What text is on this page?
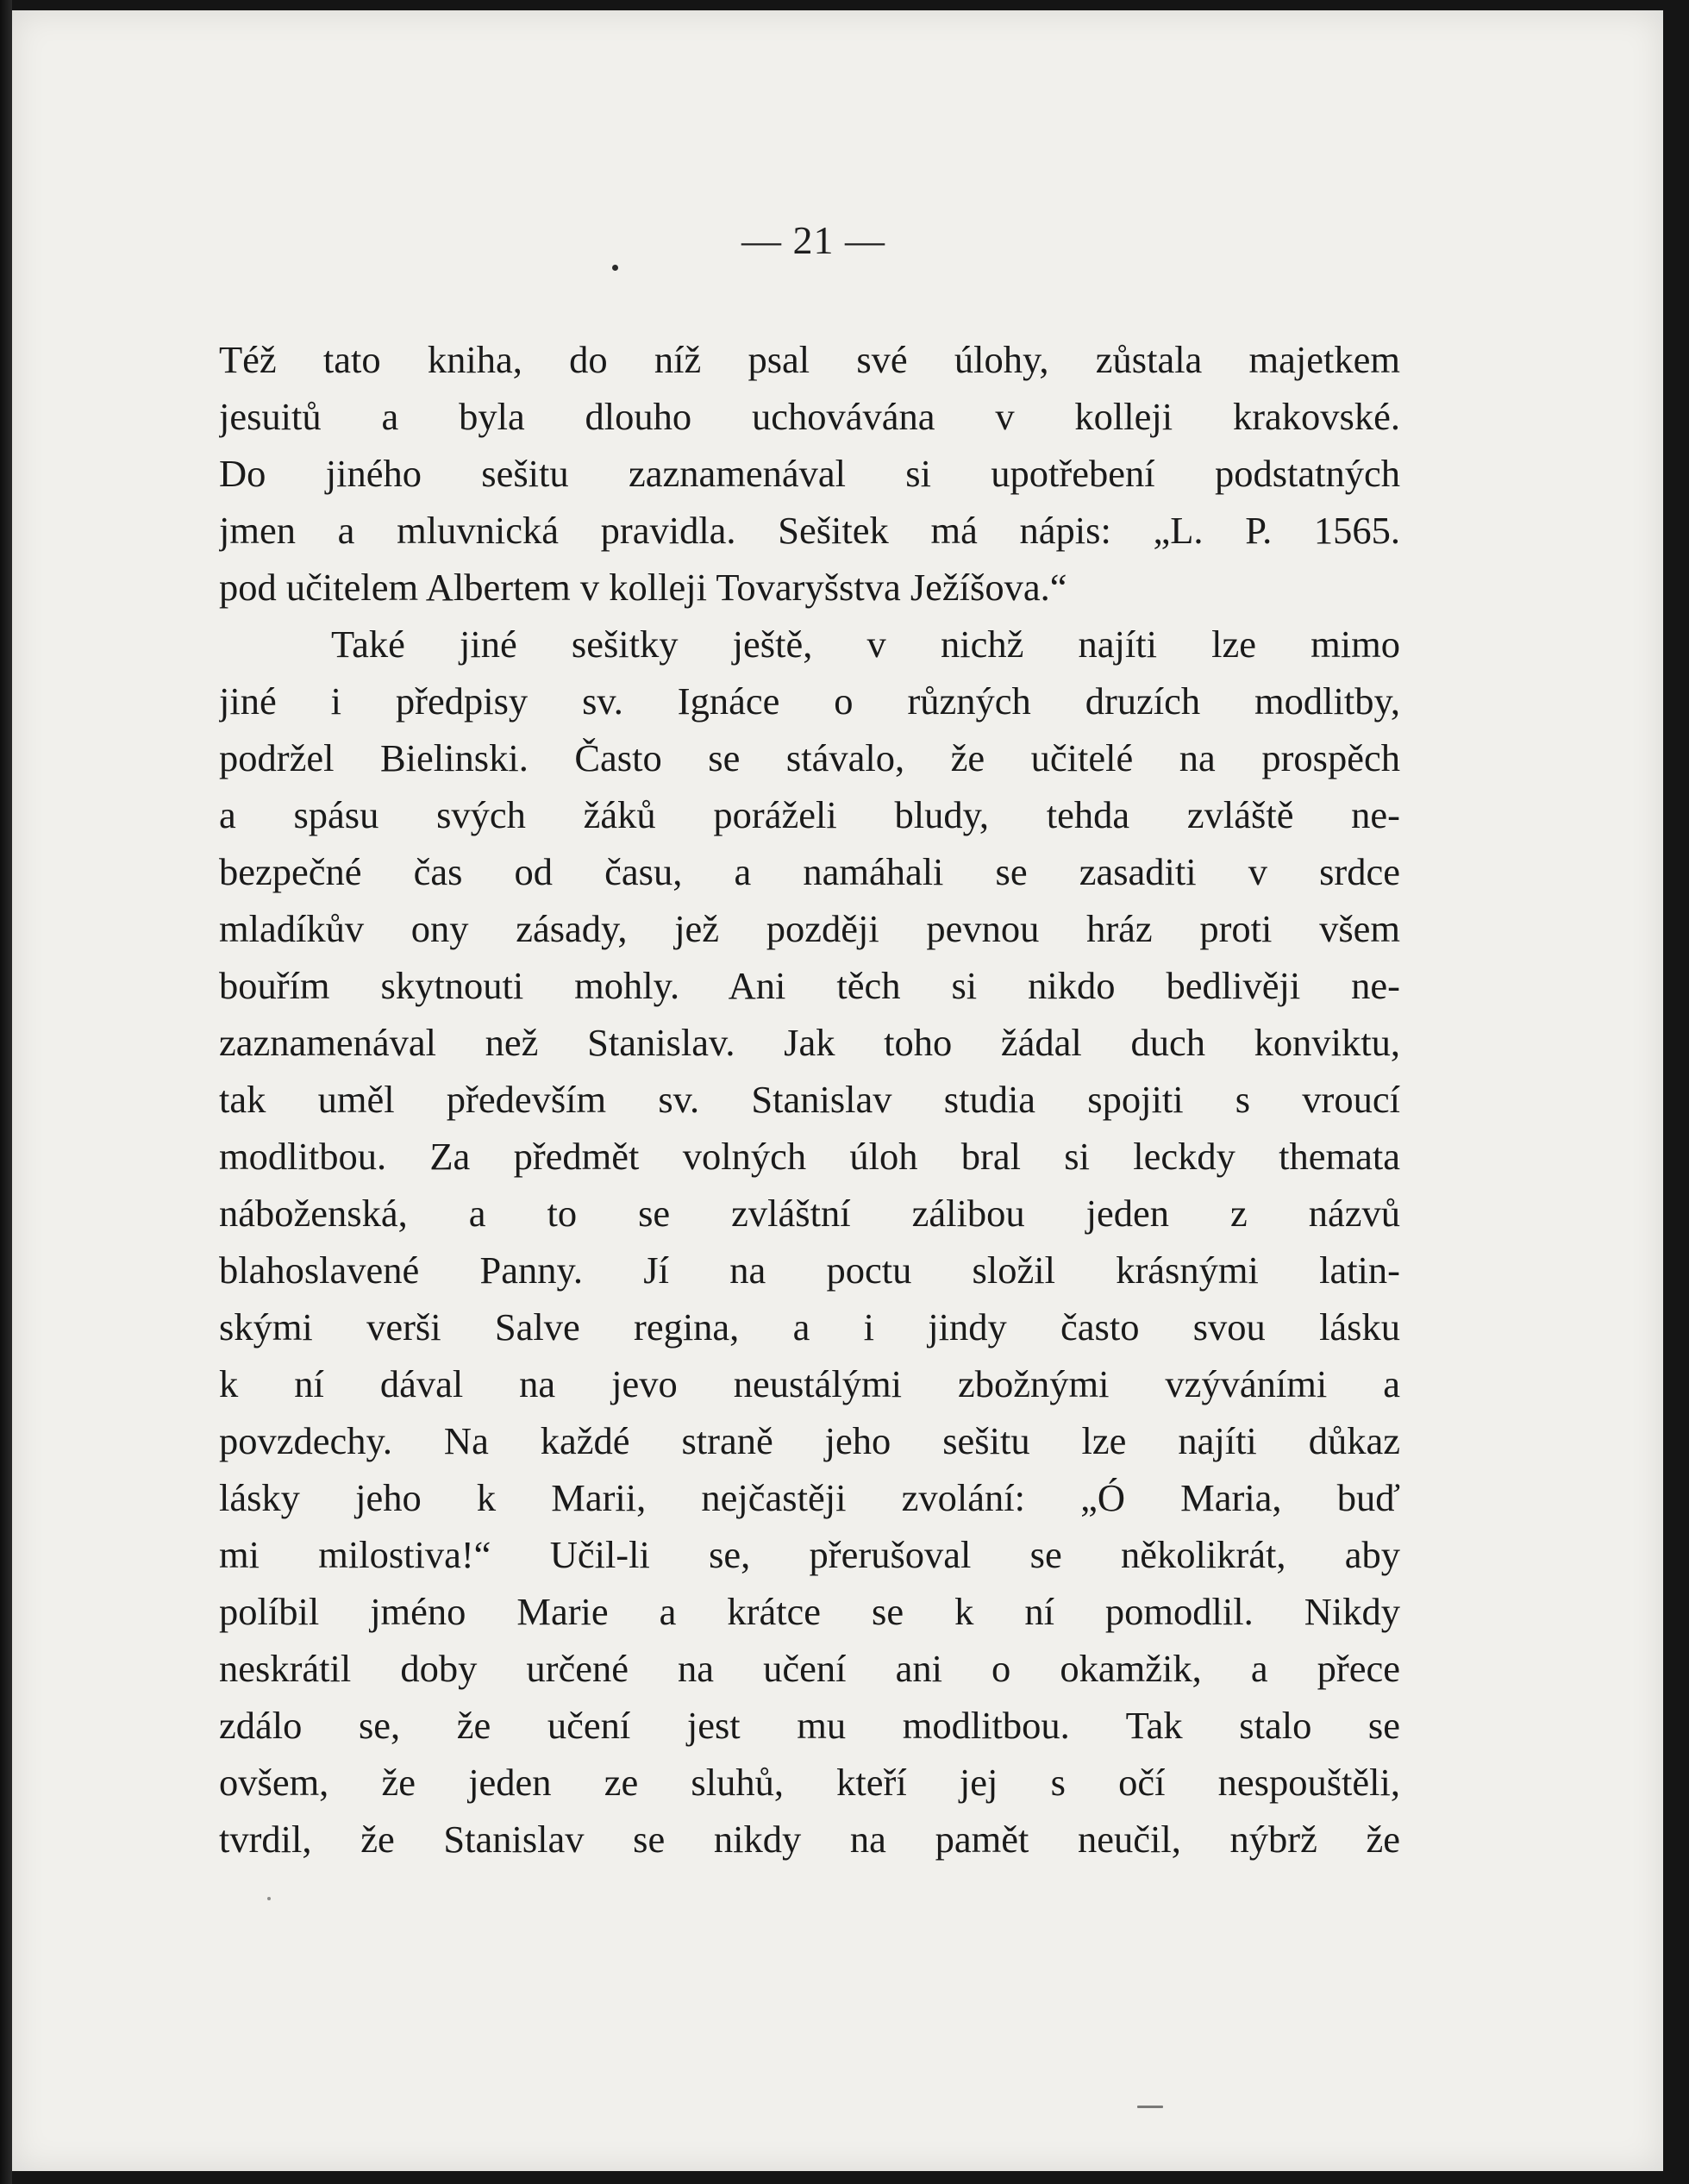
— 21 —
Též tato kniha, do níž psal své úlohy, zůstala majetkem
jesuitů a byla dlouho uchovávána v kolleji krakovské.
Do jiného sešitu zaznamenával si upotřebení podstatných
jmen a mluvnická pravidla. Sešitek má nápis: „L. P. 1565.
pod učitelem Albertem v kolleji Tovaryšstva Ježíšova.“
Také jiné sešitky ještě, v nichž najíti lze mimo
jiné i předpisy sv. Ignáce o různých druzích modlitby,
podržel Bielinski. Často se stávalo, že učitelé na prospěch
a spásu svých žáků poráželi bludy, tehda zvláště ne-
bezpečné čas od času, a namáhali se zasaditi v srdce
mladíkův ony zásady, jež později pevnou hráz proti všem
bouřím skytnouti mohly. Ani těch si nikdo bedlivěji ne-
zaznamenával než Stanislav. Jak toho žádal duch konviktu,
tak uměl především sv. Stanislav studia spojiti s vroucí
modlitbou. Za předmět volných úloh bral si leckdy themata
náboženská, a to se zvláštní zálibou jeden z názvů
blahoslavené Panny. Jí na poctu složil krásnými latin-
skými verši Salve regina, a i jindy často svou lásku
k ní dával na jevo neustálými zbožnými vzýváními a
povzdechy. Na každé straně jeho sešitu lze najíti důkaz
lásky jeho k Marii, nejčastěji zvolání: „Ó Maria, buď
mi milostiva!“ Učil-li se, přerušoval se několikrát, aby
políbil jméno Marie a krátce se k ní pomodlil. Nikdy
neskrátil doby určené na učení ani o okamžik, a přece
zdálo se, že učení jest mu modlitbou. Tak stalo se
ovšem, že jeden ze sluhů, kteří jej s očí nespouštěli,
tvrdil, že Stanislav se nikdy na pamět neučil, nýbrž že
